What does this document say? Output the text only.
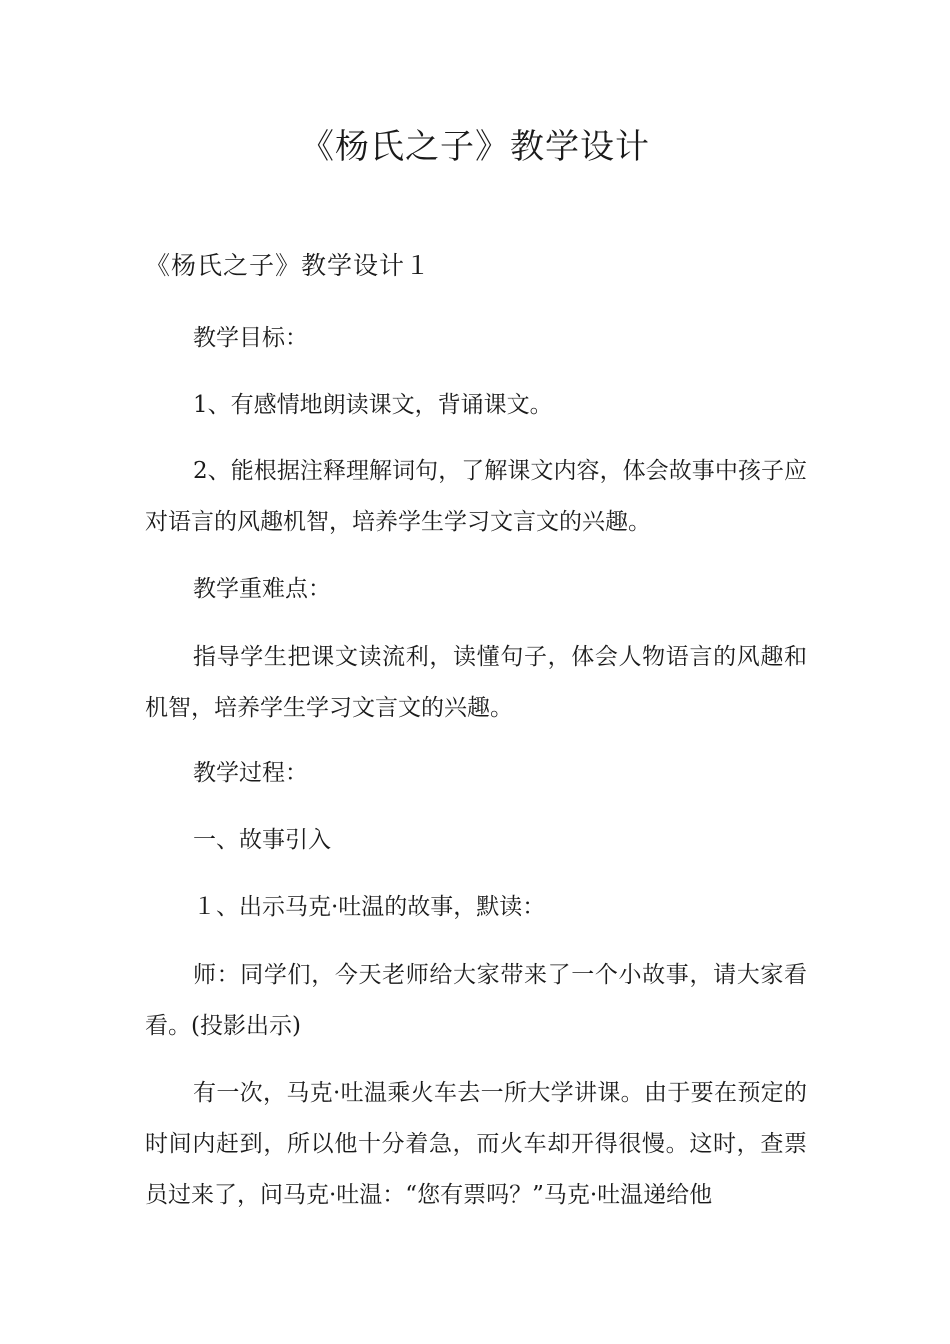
《杨氏之子》教学设计
《杨氏之子》教学设计１

教学目标：

1、有感情地朗读课文，背诵课文。

2、能根据注释理解词句，了解课文内容，体会故事中孩子应对语言的风趣机智，培养学生学习文言文的兴趣。

教学重难点：

指导学生把课文读流利，读懂句子，体会人物语言的风趣和机智，培养学生学习文言文的兴趣。

教学过程：

一、故事引入

１、出示马克·吐温的故事，默读：

师：同学们，今天老师给大家带来了一个小故事，请大家看看。(投影出示)

有一次，马克·吐温乘火车去一所大学讲课。由于要在预定的时间内赶到，所以他十分着急，而火车却开得很慢。这时，查票员过来了，问马克·吐温：“您有票吗？”马克·吐温递给他
